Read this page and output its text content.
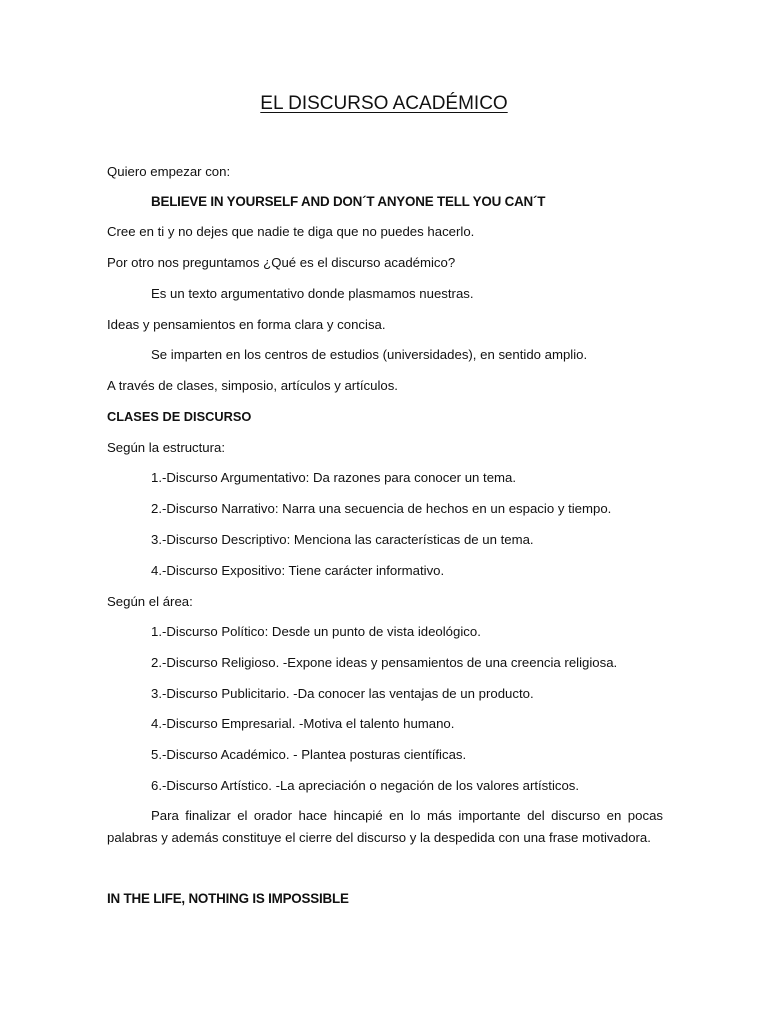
EL DISCURSO ACADÉMICO
Quiero empezar con:
BELIEVE IN YOURSELF AND DON´T ANYONE TELL YOU CAN´T
Cree en ti y no dejes que nadie te diga que no puedes hacerlo.
Por otro nos preguntamos ¿Qué es el discurso académico?
Es un texto argumentativo donde plasmamos nuestras.
Ideas y pensamientos en forma clara y concisa.
Se imparten en los centros de estudios (universidades), en sentido amplio.
A través de clases, simposio, artículos y artículos.
CLASES DE DISCURSO
Según la estructura:
1.-Discurso Argumentativo: Da razones para conocer un tema.
2.-Discurso Narrativo: Narra una secuencia de hechos en un espacio y tiempo.
3.-Discurso Descriptivo: Menciona las características de un tema.
4.-Discurso Expositivo: Tiene carácter informativo.
Según el área:
1.-Discurso Político: Desde un punto de vista ideológico.
2.-Discurso Religioso. -Expone ideas y pensamientos de una creencia religiosa.
3.-Discurso Publicitario. -Da conocer las ventajas de un producto.
4.-Discurso Empresarial. -Motiva el talento humano.
5.-Discurso Académico. - Plantea posturas científicas.
6.-Discurso Artístico. -La apreciación o negación de los valores artísticos.
Para finalizar el orador hace hincapié en lo más importante del discurso en pocas palabras y además constituye el cierre del discurso y la despedida con una frase motivadora.
IN THE LIFE, NOTHING IS IMPOSSIBLE
